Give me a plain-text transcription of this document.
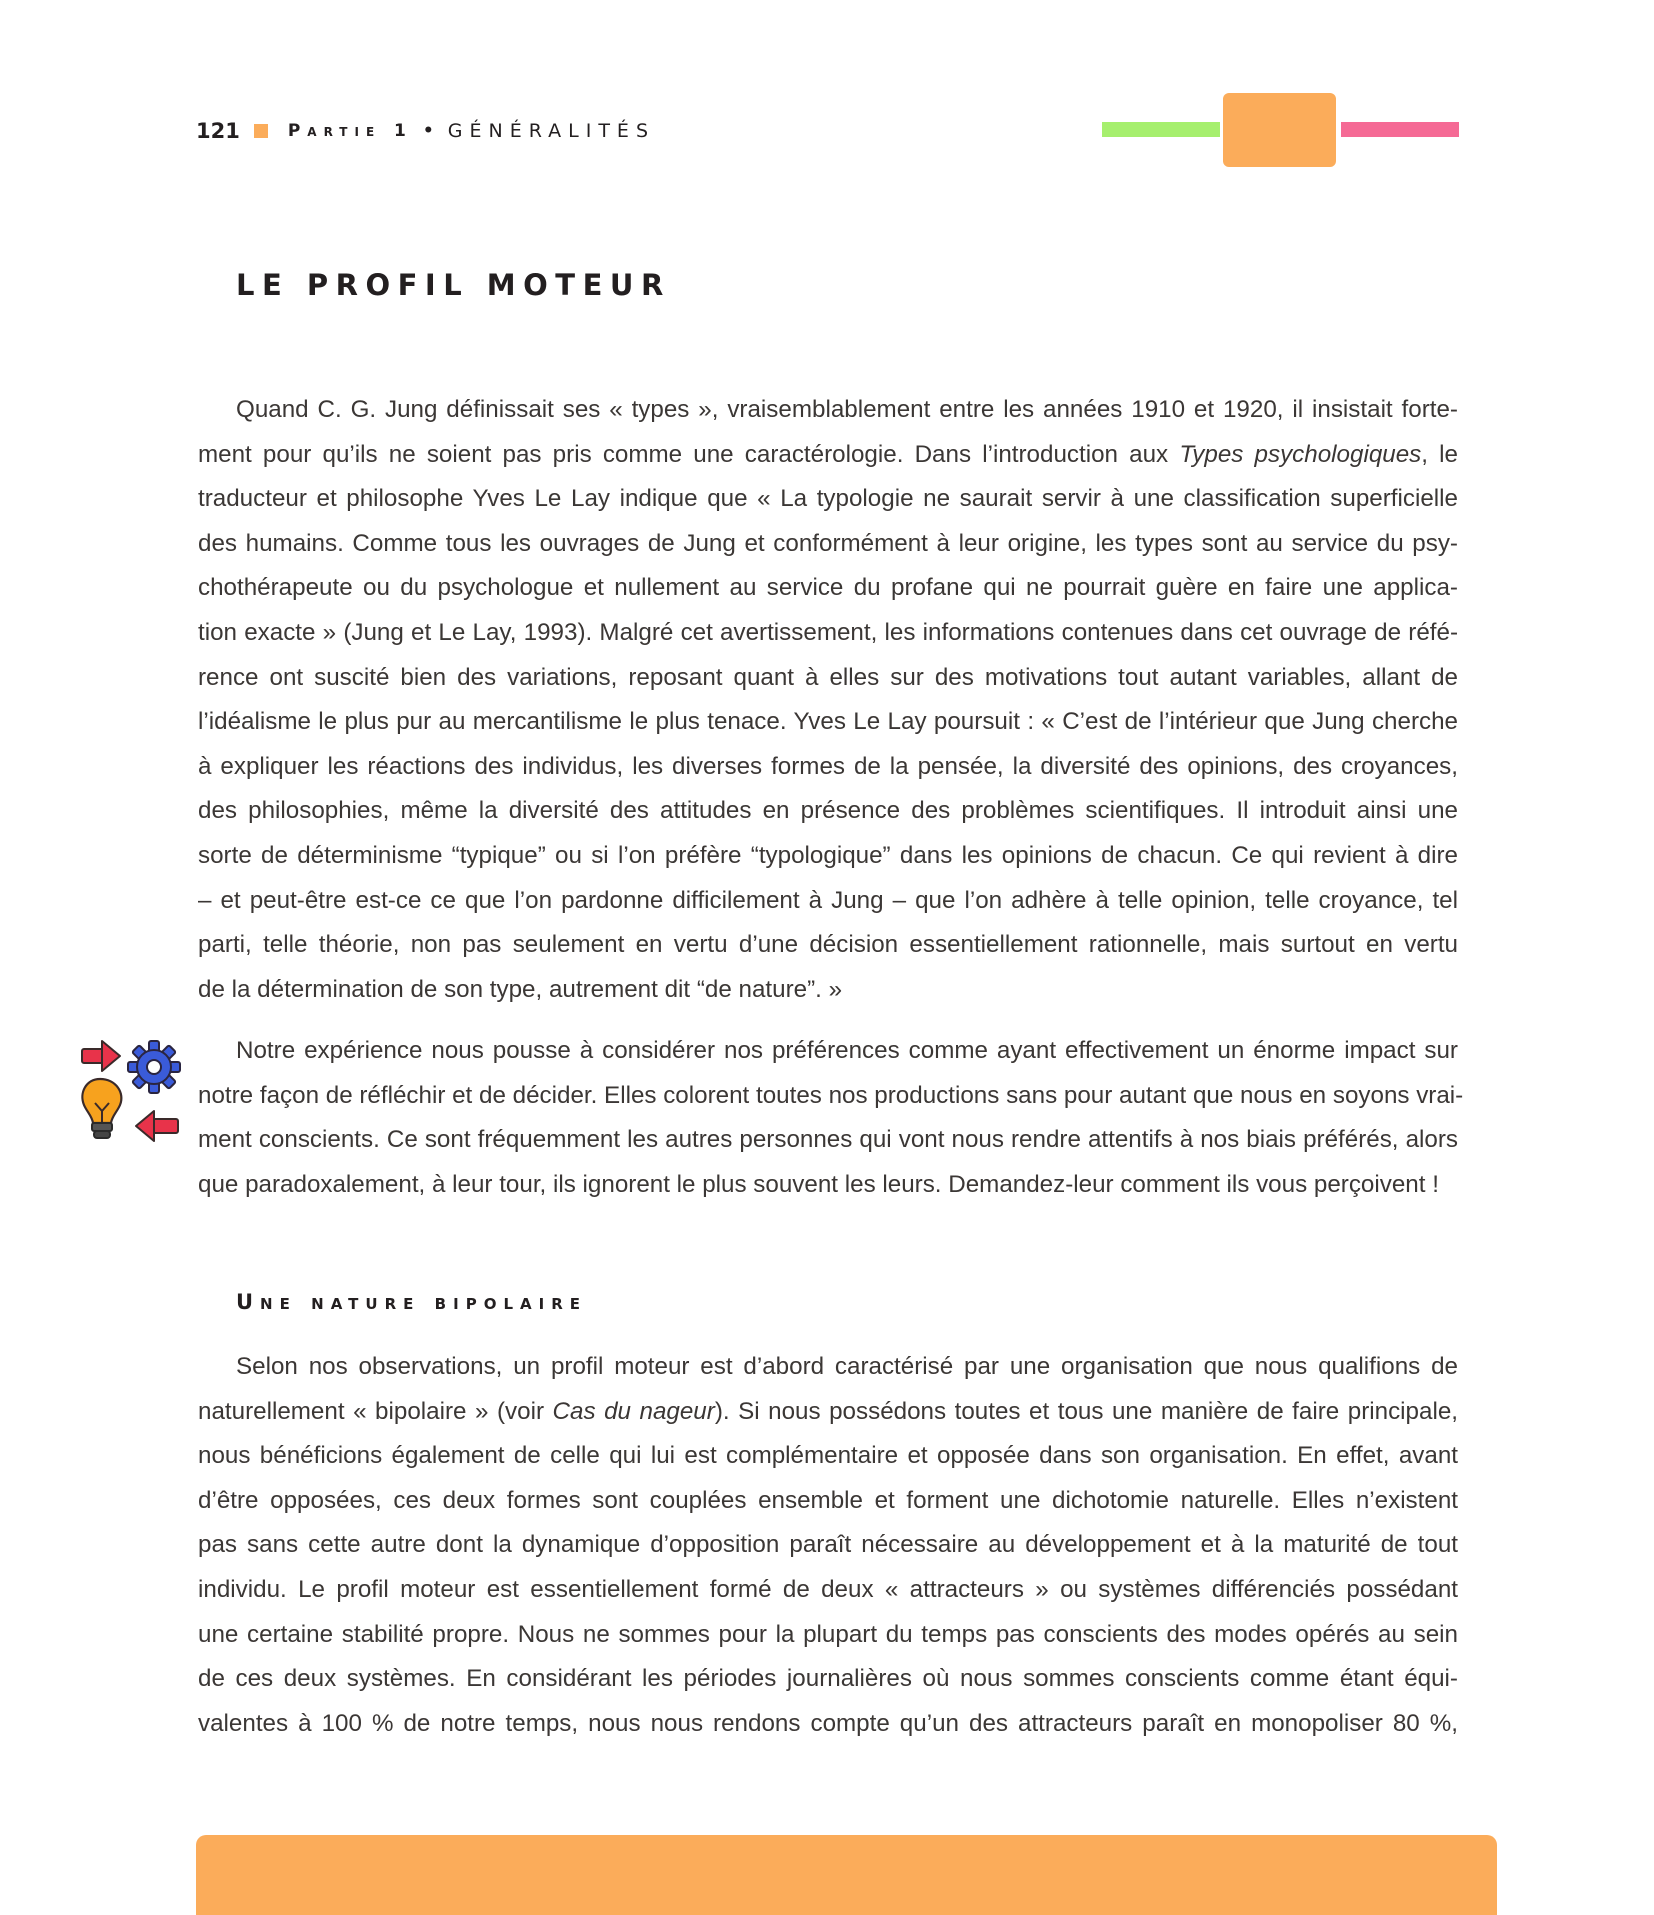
121	Partie 1 • GÉNÉRALITÉS
LE PROFIL MOTEUR
Quand C. G. Jung définissait ses « types », vraisemblablement entre les années 1910 et 1920, il insistait forte-
ment pour qu’ils ne soient pas pris comme une caractérologie. Dans l’introduction aux Types psychologiques, le
traducteur et philosophe Yves Le Lay indique que « La typologie ne saurait servir à une classification superficielle
des humains. Comme tous les ouvrages de Jung et conformément à leur origine, les types sont au service du psy-
chothérapeute ou du psychologue et nullement au service du profane qui ne pourrait guère en faire une applica-
tion exacte » (Jung et Le Lay, 1993). Malgré cet avertissement, les informations contenues dans cet ouvrage de réfé-
rence ont suscité bien des variations, reposant quant à elles sur des motivations tout autant variables, allant de
l’idéalisme le plus pur au mercantilisme le plus tenace. Yves Le Lay poursuit : « C’est de l’intérieur que Jung cherche
à expliquer les réactions des individus, les diverses formes de la pensée, la diversité des opinions, des croyances,
des philosophies, même la diversité des attitudes en présence des problèmes scientifiques. Il introduit ainsi une
sorte de déterminisme “typique” ou si l’on préfère “typologique” dans les opinions de chacun. Ce qui revient à dire
– et peut-être est-ce ce que l’on pardonne difficilement à Jung – que l’on adhère à telle opinion, telle croyance, tel
parti, telle théorie, non pas seulement en vertu d’une décision essentiellement rationnelle, mais surtout en vertu
de la détermination de son type, autrement dit “de nature”. »
Notre expérience nous pousse à considérer nos préférences comme ayant effectivement un énorme impact sur
notre façon de réfléchir et de décider. Elles colorent toutes nos productions sans pour autant que nous en soyons vrai-
ment conscients. Ce sont fréquemment les autres personnes qui vont nous rendre attentifs à nos biais préférés, alors
que paradoxalement, à leur tour, ils ignorent le plus souvent les leurs. Demandez-leur comment ils vous perçoivent !
Une nature bipolaire
Selon nos observations, un profil moteur est d’abord caractérisé par une organisation que nous qualifions de
naturellement « bipolaire » (voir Cas du nageur). Si nous possédons toutes et tous une manière de faire principale,
nous bénéficions également de celle qui lui est complémentaire et opposée dans son organisation. En effet, avant
d’être opposées, ces deux formes sont couplées ensemble et forment une dichotomie naturelle. Elles n’existent
pas sans cette autre dont la dynamique d’opposition paraît nécessaire au développement et à la maturité de tout
individu. Le profil moteur est essentiellement formé de deux « attracteurs » ou systèmes différenciés possédant
une certaine stabilité propre. Nous ne sommes pour la plupart du temps pas conscients des modes opérés au sein
de ces deux systèmes. En considérant les périodes journalières où nous sommes conscients comme étant équi-
valentes à 100 % de notre temps, nous nous rendons compte qu’un des attracteurs paraît en monopoliser 80 %,
